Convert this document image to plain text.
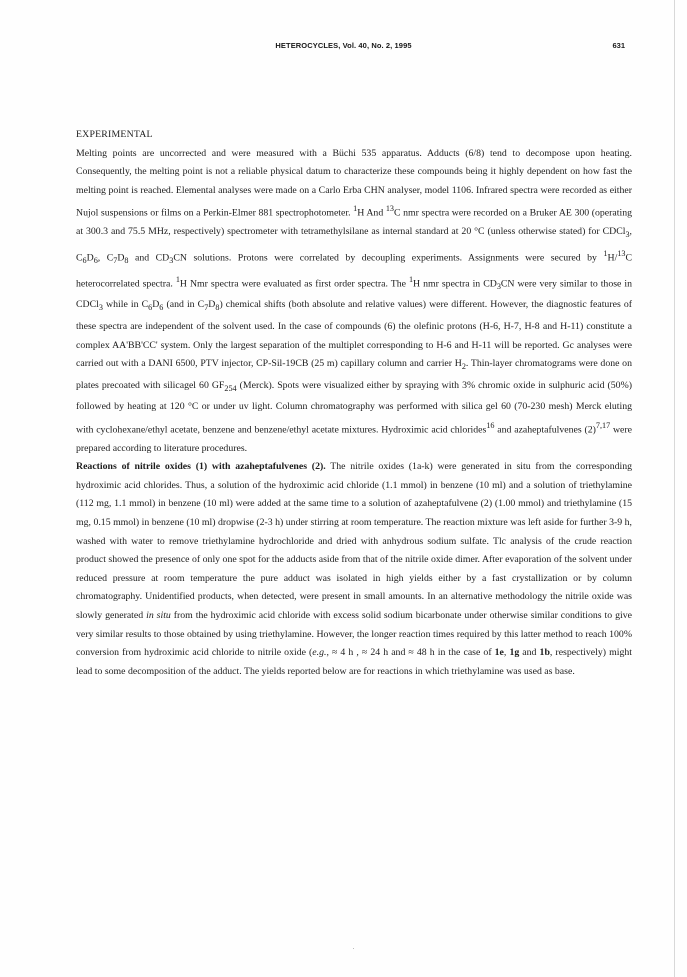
HETEROCYCLES, Vol. 40, No. 2, 1995	631

EXPERIMENTAL

Melting points are uncorrected and were measured with a Büchi 535 apparatus. Adducts (6/8) tend to decompose upon heating. Consequently, the melting point is not a reliable physical datum to characterize these compounds being it highly dependent on how fast the melting point is reached. Elemental analyses were made on a Carlo Erba CHN analyser, model 1106. Infrared spectra were recorded as either Nujol suspensions or films on a Perkin-Elmer 881 spectrophotometer. $^1$H And $^{13}$C nmr spectra were recorded on a Bruker AE 300 (operating at 300.3 and 75.5 MHz, respectively) spectrometer with tetramethylsilane as internal standard at 20 °C (unless otherwise stated) for CDCl$_3$, $C_6D_6$, $C_7D_8$ and $CD_3CN$ solutions. Protons were correlated by decoupling experiments. Assignments were secured by $^1$H/$^{13}$C heterocorrelated spectra. $^1$H Nmr spectra were evaluated as first order spectra. The $^1$H nmr spectra in $CD_3CN$ were very similar to those in CDCl$_3$ while in $C_6D_6$ (and in $C_7D_8$) chemical shifts (both absolute and relative values) were different. However, the diagnostic features of these spectra are independent of the solvent used. In the case of compounds (6) the olefinic protons (H-6, H-7, H-8 and H-11) constitute a complex AA'BB'CC' system. Only the largest separation of the multiplet corresponding to H-6 and H-11 will be reported. Gc analyses were carried out with a DANI 6500, PTV injector, CP-Sil-19CB (25 m) capillary column and carrier $H_2$. Thin-layer chromatograms were done on plates precoated with silicagel 60 $GF_{254}$ (Merck). Spots were visualized either by spraying with 3% chromic oxide in sulphuric acid (50%) followed by heating at 120 °C or under uv light. Column chromatography was performed with silica gel 60 (70-230 mesh) Merck eluting with cyclohexane/ethyl acetate, benzene and benzene/ethyl acetate mixtures. Hydroximic acid chlorides$^{16}$ and azaheptafulvenes $(2)^{7,17}$ were prepared according to literature procedures.

Reactions of nitrile oxides (1) with azaheptafulvenes (2). The nitrile oxides (1a-k) were generated in situ from the corresponding hydroximic acid chlorides. Thus, a solution of the hydroximic acid chloride (1.1 mmol) in benzene (10 ml) and a solution of triethylamine (112 mg, 1.1 mmol) in benzene (10 ml) were added at the same time to a solution of azaheptafulvene (2) (1.00 mmol) and triethylamine (15 mg, 0.15 mmol) in benzene (10 ml) dropwise (2-3 h) under stirring at room temperature. The reaction mixture was left aside for further 3-9 h, washed with water to remove triethylamine hydrochloride and dried with anhydrous sodium sulfate. Tlc analysis of the crude reaction product showed the presence of only one spot for the adducts aside from that of the nitrile oxide dimer. After evaporation of the solvent under reduced pressure at room temperature the pure adduct was isolated in high yields either by a fast crystallization or by column chromatography. Unidentified products, when detected, were present in small amounts. In an alternative methodology the nitrile oxide was slowly generated in situ from the hydroximic acid chloride with excess solid sodium bicarbonate under otherwise similar conditions to give very similar results to those obtained by using triethylamine. However, the longer reaction times required by this latter method to reach 100% conversion from hydroximic acid chloride to nitrile oxide (e.g., ≈ 4 h , ≈ 24 h and ≈ 48 h in the case of 1e, 1g and 1b, respectively) might lead to some decomposition of the adduct. The yields reported below are for reactions in which triethylamine was used as base.
